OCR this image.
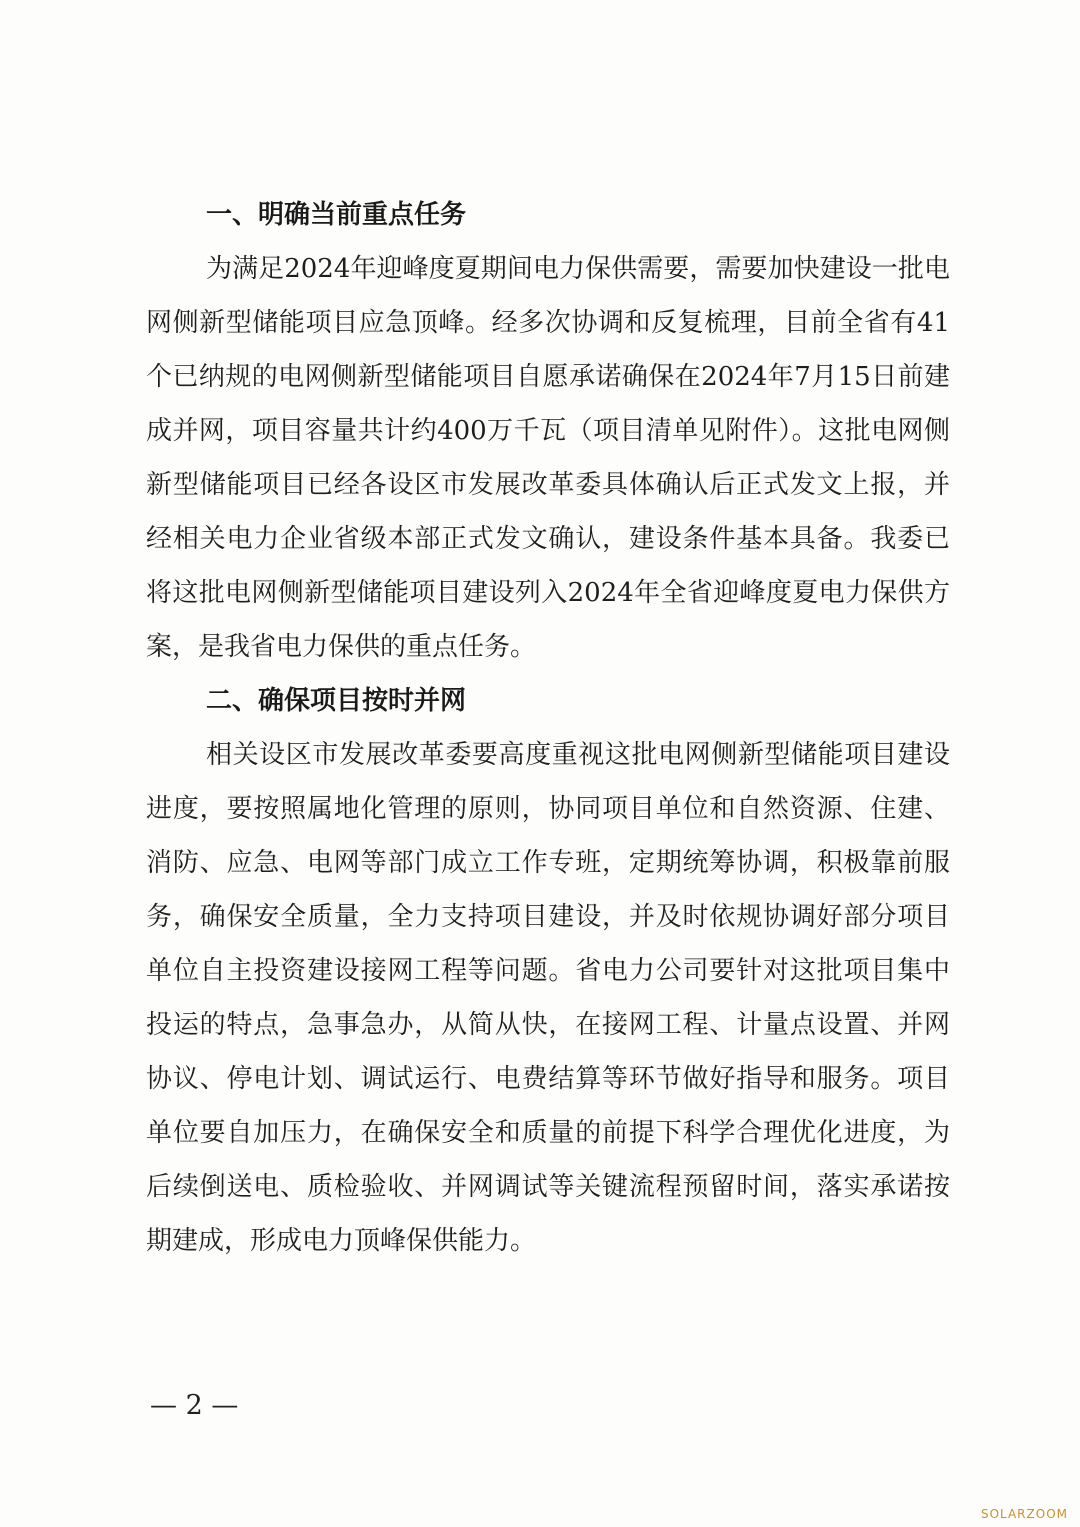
一、明确当前重点任务

为满足2024年迎峰度夏期间电力保供需要，需要加快建设一批电网侧新型储能项目应急顶峰。经多次协调和反复梳理，目前全省有41个已纳规的电网侧新型储能项目自愿承诺确保在2024年7月15日前建成并网，项目容量共计约400万千瓦（项目清单见附件）。这批电网侧新型储能项目已经各设区市发展改革委具体确认后正式发文上报，并经相关电力企业省级本部正式发文确认，建设条件基本具备。我委已将这批电网侧新型储能项目建设列入2024年全省迎峰度夏电力保供方案，是我省电力保供的重点任务。

二、确保项目按时并网

相关设区市发展改革委要高度重视这批电网侧新型储能项目建设进度，要按照属地化管理的原则，协同项目单位和自然资源、住建、消防、应急、电网等部门成立工作专班，定期统筹协调，积极靠前服务，确保安全质量，全力支持项目建设，并及时依规协调好部分项目单位自主投资建设接网工程等问题。省电力公司要针对这批项目集中投运的特点，急事急办，从简从快，在接网工程、计量点设置、并网协议、停电计划、调试运行、电费结算等环节做好指导和服务。项目单位要自加压力，在确保安全和质量的前提下科学合理优化进度，为后续倒送电、质检验收、并网调试等关键流程预留时间，落实承诺按期建成，形成电力顶峰保供能力。

— 2 —
SOLARZOOM
